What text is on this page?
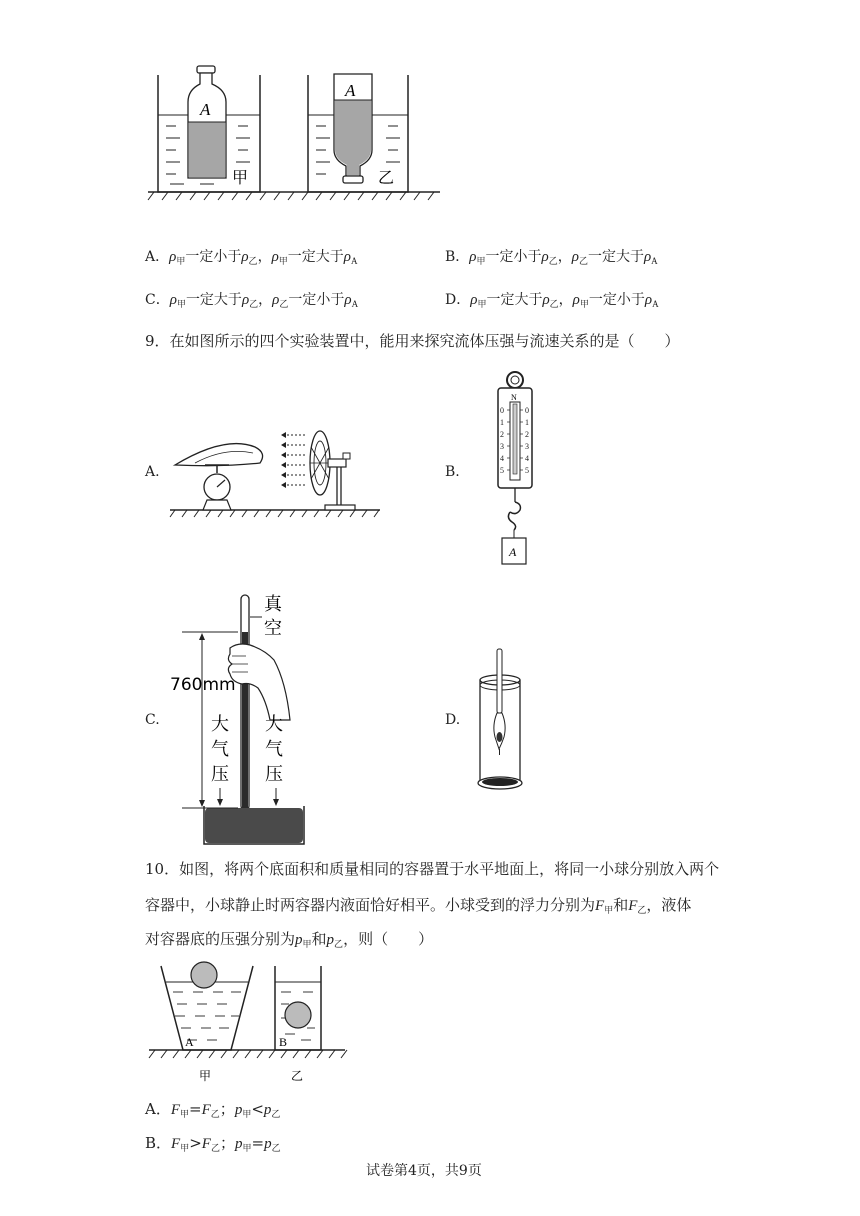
A
甲
A
乙
A．$\rho_甲$一定小于$\rho_乙$，$\rho_甲$一定大于$\rho_A$	B．$\rho_甲$一定小于$\rho_乙$，$\rho_乙$一定大于$\rho_A$
C．$\rho_甲$一定大于$\rho_乙$，$\rho_乙$一定小于$\rho_A$	D．$\rho_甲$一定大于$\rho_乙$，$\rho_甲$一定小于$\rho_A$
9．在如图所示的四个实验装置中，能用来探究流体压强与流速关系的是（　　）
A.	B.
N
0
1
2
3
4
5
0
1
2
3
4
5
A
C.
真
空
760mm
大
气
压
大
气
压
D.
10．如图，将两个底面积和质量相同的容器置于水平地面上，将同一小球分别放入两个
容器中，小球静止时两容器内液面恰好相平。小球受到的浮力分别为$F_甲$和$F_乙$，液体
对容器底的压强分别为$p_甲$和$p_乙$，则（　　）
A	B
甲	乙
A．$F_甲=F_乙$；$p_甲<p_乙$
B．$F_甲>F_乙$；$p_甲=p_乙$
试卷第4页，共9页
